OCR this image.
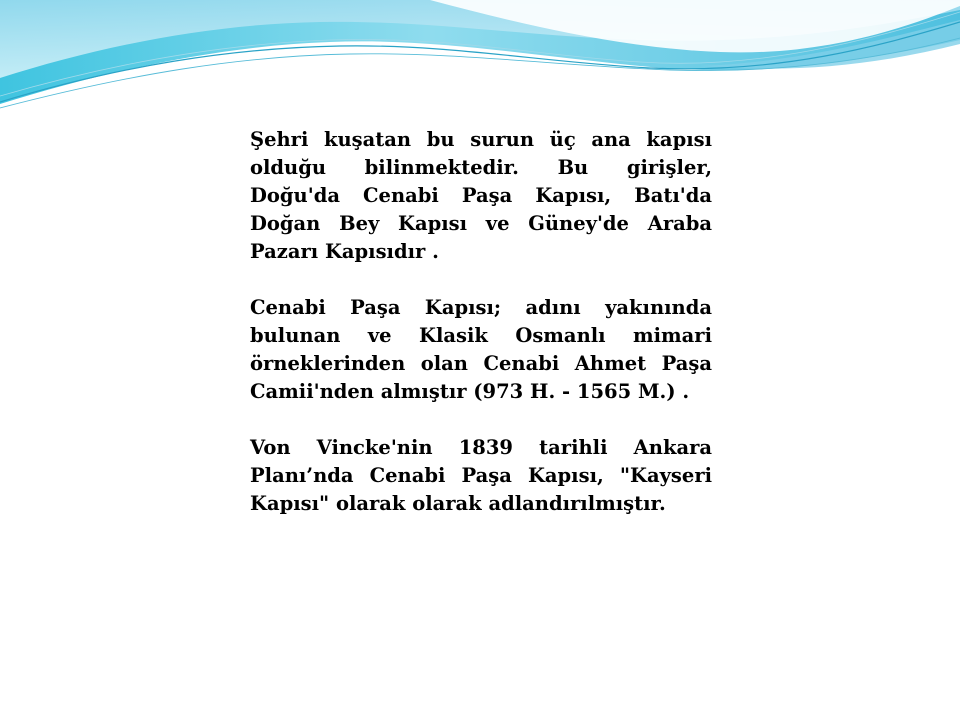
Şehri kuşatan bu surun üç ana kapısı olduğu bilinmektedir. Bu girişler, Doğu'da Cenabi Paşa Kapısı, Batı'da Doğan Bey Kapısı ve Güney'de Araba Pazarı Kapısıdır .

Cenabi Paşa Kapısı; adını yakınında bulunan ve Klasik Osmanlı mimari örneklerinden olan Cenabi Ahmet Paşa Camii'nden almıştır (973 H. - 1565 M.) .

Von Vincke'nin 1839 tarihli Ankara Planı’nda Cenabi Paşa Kapısı, "Kayseri Kapısı" olarak olarak adlandırılmıştır.
